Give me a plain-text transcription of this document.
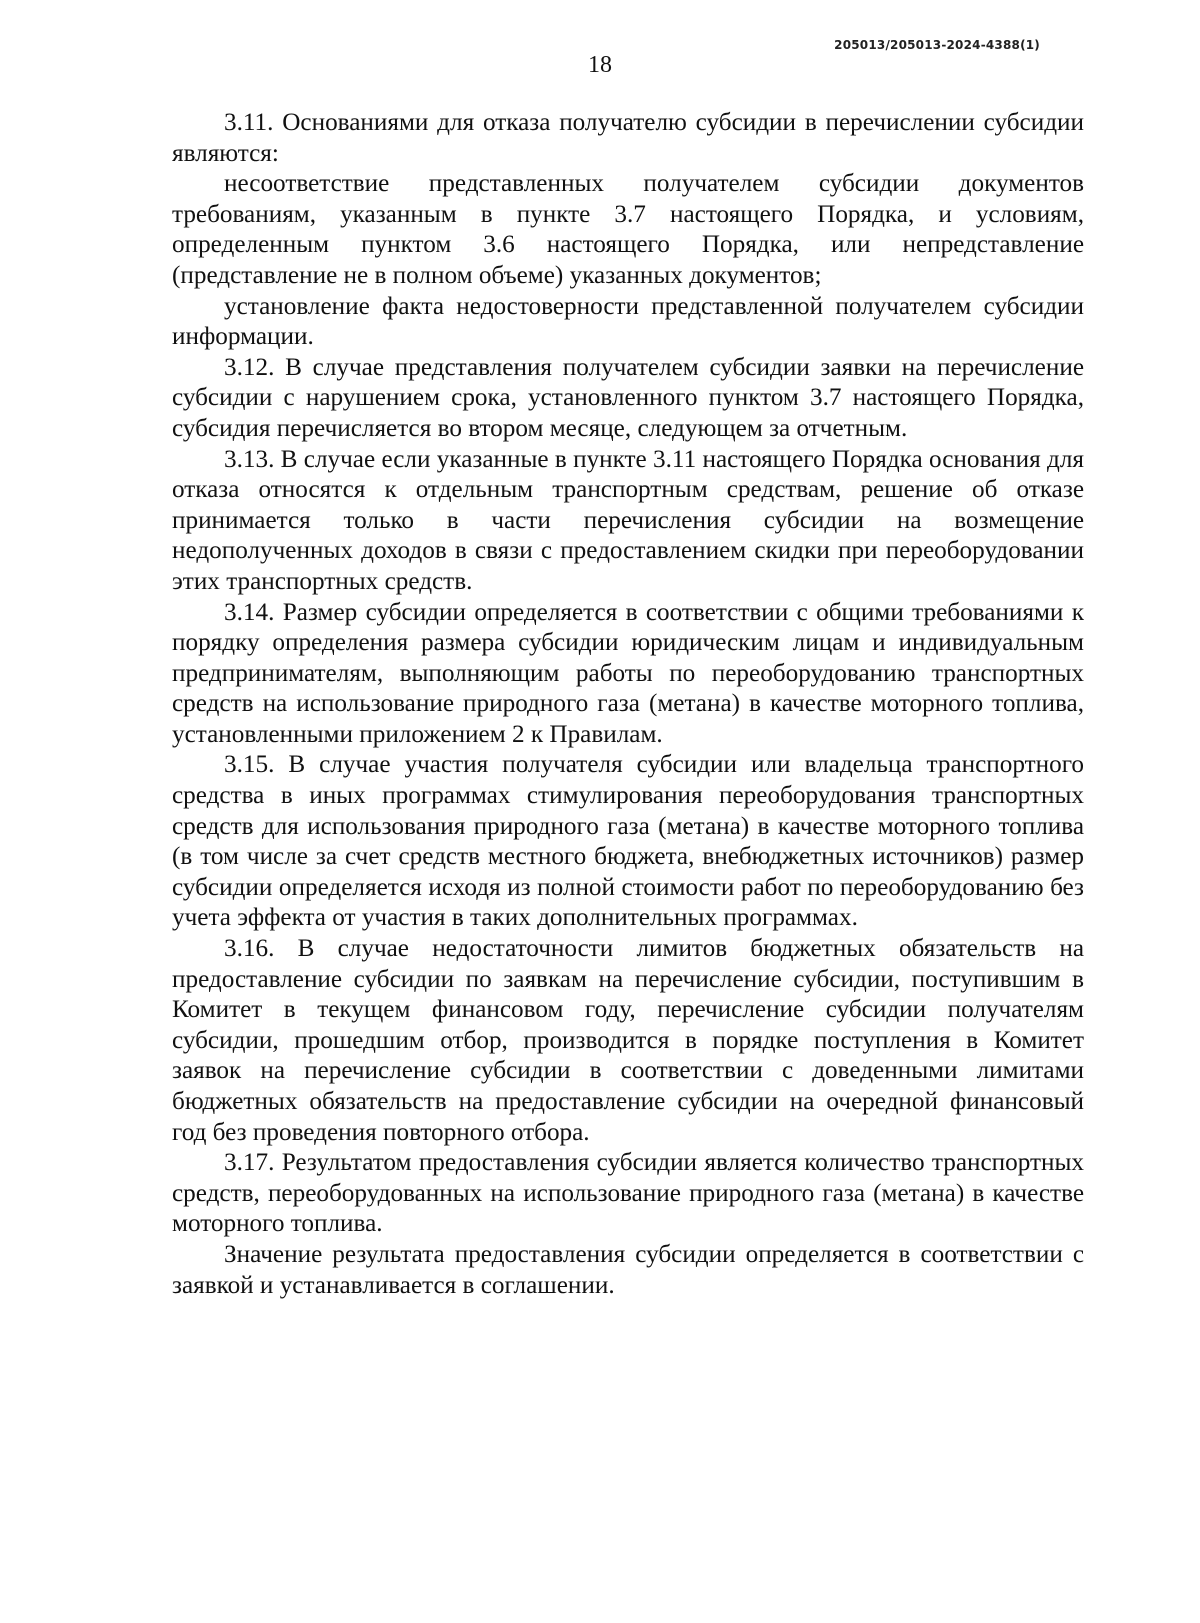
205013/205013-2024-4388(1)
18

3.11. Основаниями для отказа получателю субсидии в перечислении субсидии являются:

несоответствие представленных получателем субсидии документов требованиям, указанным в пункте 3.7 настоящего Порядка, и условиям, определенным пунктом 3.6 настоящего Порядка, или непредставление (представление не в полном объеме) указанных документов;

установление факта недостоверности представленной получателем субсидии информации.

3.12. В случае представления получателем субсидии заявки на перечисление субсидии с нарушением срока, установленного пунктом 3.7 настоящего Порядка, субсидия перечисляется во втором месяце, следующем за отчетным.

3.13. В случае если указанные в пункте 3.11 настоящего Порядка основания для отказа относятся к отдельным транспортным средствам, решение об отказе принимается только в части перечисления субсидии на возмещение недополученных доходов в связи с предоставлением скидки при переоборудовании этих транспортных средств.

3.14. Размер субсидии определяется в соответствии с общими требованиями к порядку определения размера субсидии юридическим лицам и индивидуальным предпринимателям, выполняющим работы по переоборудованию транспортных средств на использование природного газа (метана) в качестве моторного топлива, установленными приложением 2 к Правилам.

3.15. В случае участия получателя субсидии или владельца транспортного средства в иных программах стимулирования переоборудования транспортных средств для использования природного газа (метана) в качестве моторного топлива (в том числе за счет средств местного бюджета, внебюджетных источников) размер субсидии определяется исходя из полной стоимости работ по переоборудованию без учета эффекта от участия в таких дополнительных программах.

3.16. В случае недостаточности лимитов бюджетных обязательств на предоставление субсидии по заявкам на перечисление субсидии, поступившим в Комитет в текущем финансовом году, перечисление субсидии получателям субсидии, прошедшим отбор, производится в порядке поступления в Комитет заявок на перечисление субсидии в соответствии с доведенными лимитами бюджетных обязательств на предоставление субсидии на очередной финансовый год без проведения повторного отбора.

3.17. Результатом предоставления субсидии является количество транспортных средств, переоборудованных на использование природного газа (метана) в качестве моторного топлива.

Значение результата предоставления субсидии определяется в соответствии с заявкой и устанавливается в соглашении.
